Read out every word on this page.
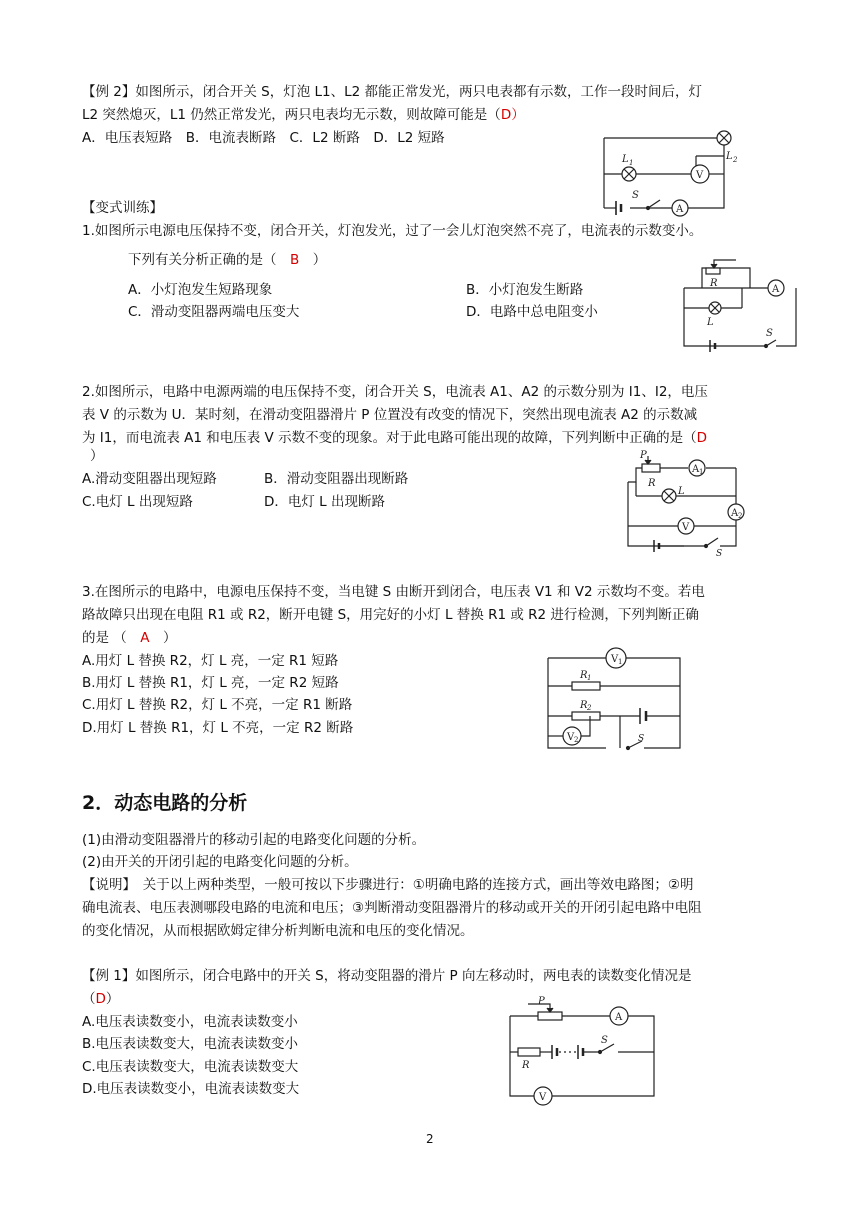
【例 2】如图所示，闭合开关 S，灯泡 L1、L2 都能正常发光，两只电表都有示数，工作一段时间后，灯
L2 突然熄灭，L1 仍然正常发光，两只电表均无示数，则故障可能是（D）
A．电压表短路　B．电流表断路　C．L2 断路　D．L2 短路
L 1
L 2
V
S
A
【变式训练】
1.如图所示电源电压保持不变，闭合开关，灯泡发光，过了一会儿灯泡突然不亮了，电流表的示数变小。
下列有关分析正确的是（　 B　 ）
A．小灯泡发生短路现象	B．小灯泡发生断路
C．滑动变阻器两端电压变大	D．电路中总电阻变小
R
L
A
S
2.如图所示，电路中电源两端的电压保持不变，闭合开关 S，电流表 A1、A2 的示数分别为 I1、I2，电压
表 V 的示数为 U．某时刻，在滑动变阻器滑片 P 位置没有改变的情况下，突然出现电流表 A2 的示数减
为 I1，而电流表 A1 和电压表 V 示数不变的现象。对于此电路可能出现的故障，下列判断中正确的是（D
）
A.滑动变阻器出现短路	B．滑动变阻器出现断路
C.电灯 L 出现短路	D．电灯 L 出现断路
P
R
A 1
L
V
A 2
S
3.在图所示的电路中，电源电压保持不变，当电键 S 由断开到闭合，电压表 V1 和 V2 示数均不变。若电
路故障只出现在电阻 R1 或 R2，断开电键 S，用完好的小灯 L 替换 R1 或 R2 进行检测，下列判断正确
的是 （　 A　 ）
A.用灯 L 替换 R2，灯 L 亮，一定 R1 短路
B.用灯 L 替换 R1，灯 L 亮，一定 R2 短路
C.用灯 L 替换 R2，灯 L 不亮，一定 R1 断路
D.用灯 L 替换 R1，灯 L 不亮，一定 R2 断路
V 1
R 1
R 2
V 2	S
2．动态电路的分析
(1)由滑动变阻器滑片的移动引起的电路变化问题的分析。
(2)由开关的开闭引起的电路变化问题的分析。
【说明】　关于以上两种类型，一般可按以下步骤进行：①明确电路的连接方式，画出等效电路图；②明
确电流表、电压表测哪段电路的电流和电压；③判断滑动变阻器滑片的移动或开关的开闭引起电路中电阻
的变化情况，从而根据欧姆定律分析判断电流和电压的变化情况。
【例 1】如图所示，闭合电路中的开关 S，将动变阻器的滑片 P 向左移动时，两电表的读数变化情况是
（D）
A.电压表读数变小，电流表读数变小
B.电压表读数变大，电流表读数变小
C.电压表读数变大，电流表读数变大
D.电压表读数变小，电流表读数变大
P
A
R
S
V
2
